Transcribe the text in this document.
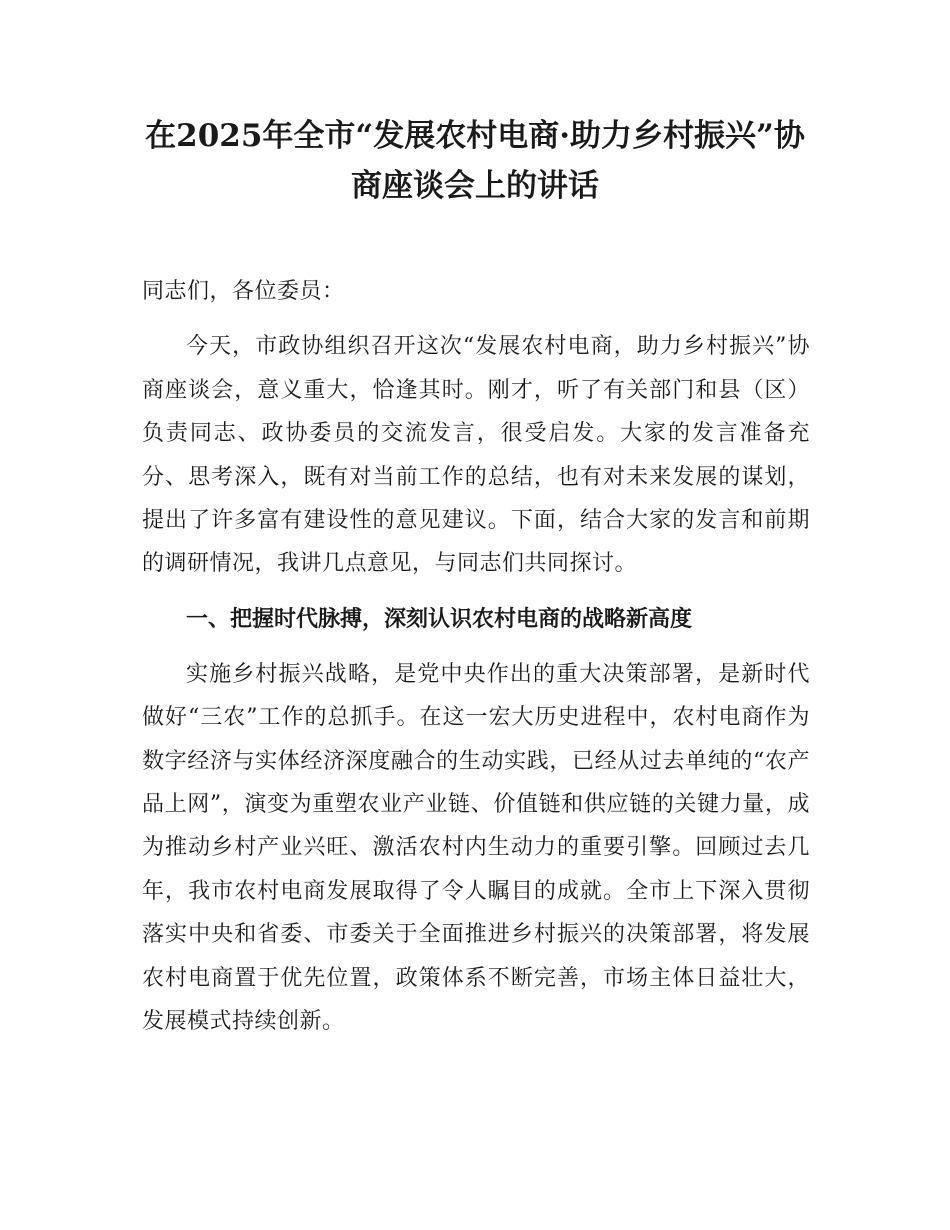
在2025年全市“发展农村电商·助力乡村振兴”协商座谈会上的讲话

同志们，各位委员：

今天，市政协组织召开这次“发展农村电商，助力乡村振兴”协商座谈会，意义重大，恰逢其时。刚才，听了有关部门和县（区）负责同志、政协委员的交流发言，很受启发。大家的发言准备充分、思考深入，既有对当前工作的总结，也有对未来发展的谋划，提出了许多富有建设性的意见建议。下面，结合大家的发言和前期的调研情况，我讲几点意见，与同志们共同探讨。

一、把握时代脉搏，深刻认识农村电商的战略新高度

实施乡村振兴战略，是党中央作出的重大决策部署，是新时代做好“三农”工作的总抓手。在这一宏大历史进程中，农村电商作为数字经济与实体经济深度融合的生动实践，已经从过去单纯的“农产品上网”，演变为重塑农业产业链、价值链和供应链的关键力量，成为推动乡村产业兴旺、激活农村内生动力的重要引擎。回顾过去几年，我市农村电商发展取得了令人瞩目的成就。全市上下深入贯彻落实中央和省委、市委关于全面推进乡村振兴的决策部署，将发展农村电商置于优先位置，政策体系不断完善，市场主体日益壮大，发展模式持续创新。
